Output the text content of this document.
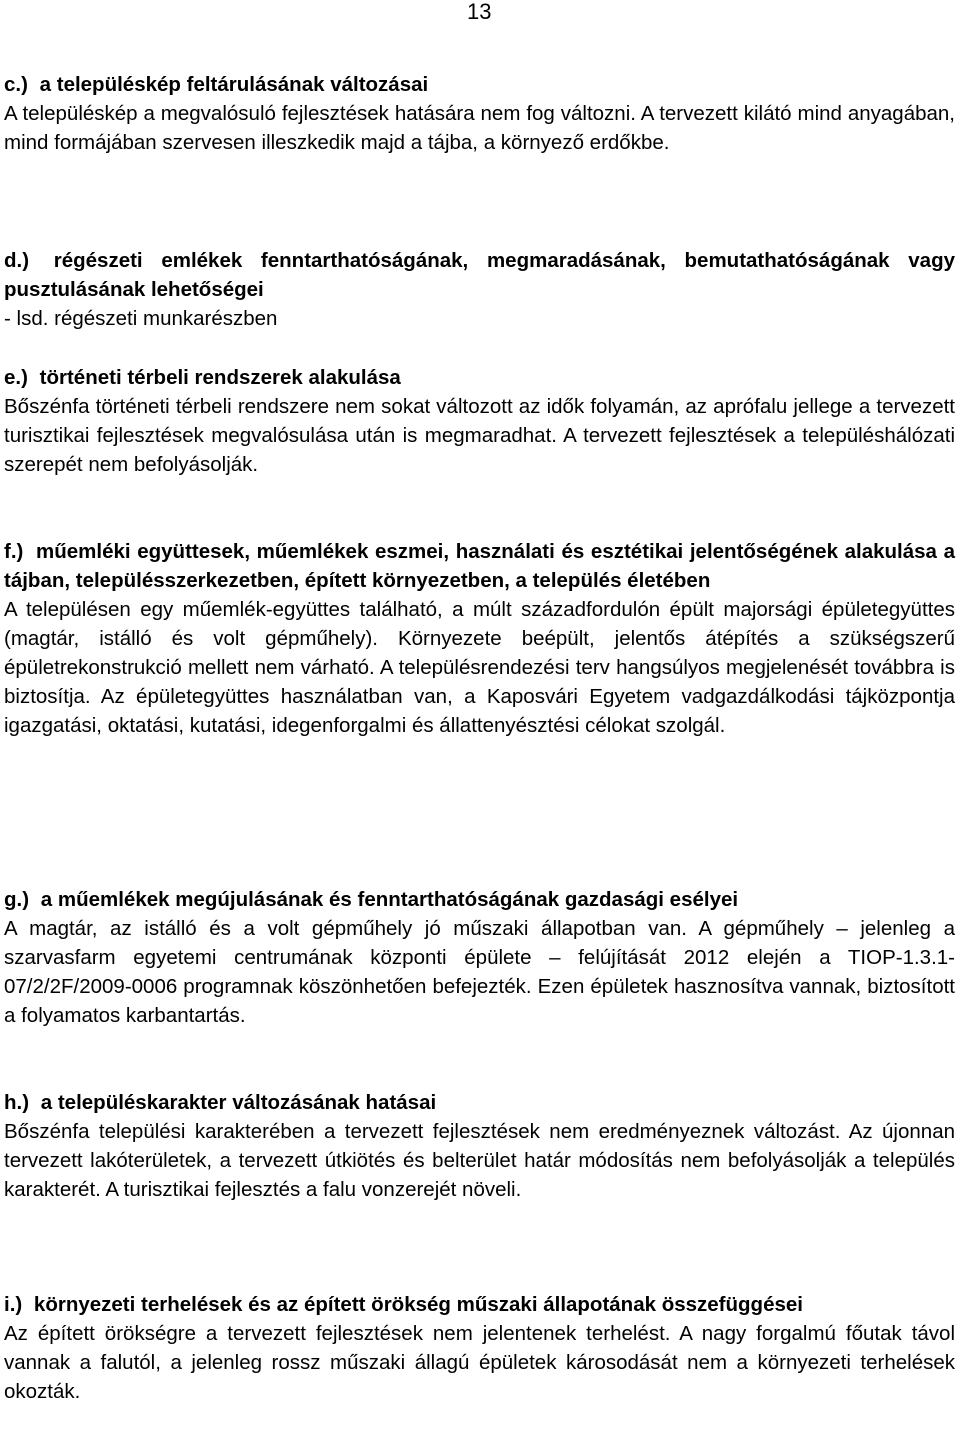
13

c.) a településkép feltárulásának változásai

A településkép a megvalósuló fejlesztések hatására nem fog változni. A tervezett kilátó mind anyagában, mind formájában szervesen illeszkedik majd a tájba, a környező erdőkbe.

d.) régészeti emlékek fenntarthatóságának, megmaradásának, bemutathatóságának vagy pusztulásának lehetőségei

- lsd. régészeti munkarészben

e.) történeti térbeli rendszerek alakulása

Bőszénfa történeti térbeli rendszere nem sokat változott az idők folyamán, az aprófalu jellege a tervezett turisztikai fejlesztések megvalósulása után is megmaradhat. A tervezett fejlesztések a településhálózati szerepét nem befolyásolják.

f.) műemléki együttesek, műemlékek eszmei, használati és esztétikai jelentőségének alakulása a tájban, településszerkezetben, épített környezetben, a település életében

A településen egy műemlék-együttes található, a múlt századfordulón épült majorsági épületegyüttes (magtár, istálló és volt gépműhely). Környezete beépült, jelentős átépítés a szükségszerű épületrekonstrukció mellett nem várható. A településrendezési terv hangsúlyos megjelenését továbbra is biztosítja. Az épületegyüttes használatban van, a Kaposvári Egyetem vadgazdálkodási tájközpontja igazgatási, oktatási, kutatási, idegenforgalmi és állattenyésztési célokat szolgál.

g.) a műemlékek megújulásának és fenntarthatóságának gazdasági esélyei

A magtár, az istálló és a volt gépműhely jó műszaki állapotban van. A gépműhely – jelenleg a szarvasfarm egyetemi centrumának központi épülete – felújítását 2012 elején a TIOP-1.3.1-07/2/2F/2009-0006 programnak köszönhetően befejezték. Ezen épületek hasznosítva vannak, biztosított a folyamatos karbantartás.

h.) a településkarakter változásának hatásai

Bőszénfa települési karakterében a tervezett fejlesztések nem eredményeznek változást. Az újonnan tervezett lakóterületek, a tervezett útkiötés és belterület határ módosítás nem befolyásolják a település karakterét. A turisztikai fejlesztés a falu vonzerejét növeli.

i.) környezeti terhelések és az épített örökség műszaki állapotának összefüggései

Az épített örökségre a tervezett fejlesztések nem jelentenek terhelést. A nagy forgalmú főutak távol vannak a falutól, a jelenleg rossz műszaki állagú épületek károsodását nem a környezeti terhelések okozták.
